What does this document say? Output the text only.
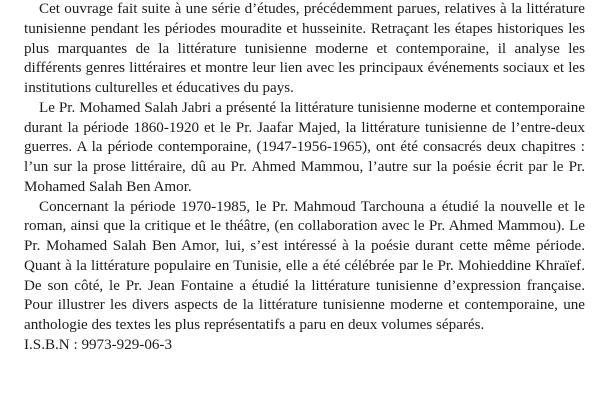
Cet ouvrage fait suite à une série d’études, précédemment parues, relatives à la littérature tunisienne pendant les périodes mouradite et husseinite. Retraçant les étapes historiques les plus marquantes de la littérature tunisienne moderne et contemporaine, il analyse les différents genres littéraires et montre leur lien avec les principaux événements sociaux et les institutions culturelles et éducatives du pays.

Le Pr. Mohamed Salah Jabri a présenté la littérature tunisienne moderne et contemporaine durant la période 1860-1920 et le Pr. Jaafar Majed, la littérature tunisienne de l’entre-deux guerres. A la période contemporaine, (1947-1956-1965), ont été consacrés deux chapitres : l’un sur la prose littéraire, dû au Pr. Ahmed Mammou, l’autre sur la poésie écrit par le Pr. Mohamed Salah Ben Amor.

Concernant la période 1970-1985, le Pr. Mahmoud Tarchouna a étudié la nouvelle et le roman, ainsi que la critique et le théâtre, (en collaboration avec le Pr. Ahmed Mammou). Le Pr. Mohamed Salah Ben Amor, lui, s’est intéressé à la poésie durant cette même période. Quant à la littérature populaire en Tunisie, elle a été célébrée par le Pr. Mohieddine Khraïef. De son côté, le Pr. Jean Fontaine a étudié la littérature tunisienne d’expression française. Pour illustrer les divers aspects de la littérature tunisienne moderne et contemporaine, une anthologie des textes les plus représentatifs a paru en deux volumes séparés.

I.S.B.N : 9973-929-06-3
